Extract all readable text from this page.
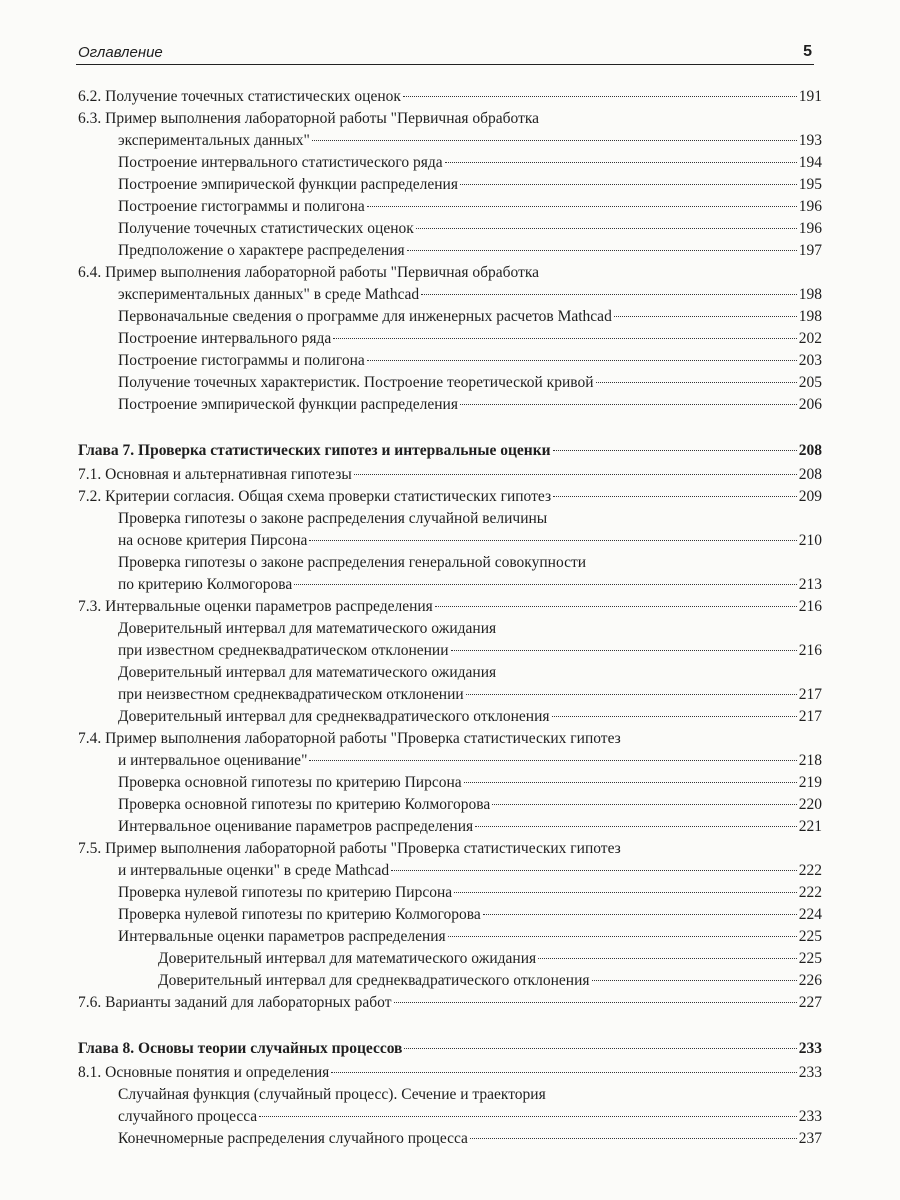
Оглавление	5
6.2. Получение точечных статистических оценок	191
6.3. Пример выполнения лабораторной работы "Первичная обработка
экспериментальных данных"	193
Построение интервального статистического ряда	194
Построение эмпирической функции распределения	195
Построение гистограммы и полигона	196
Получение точечных статистических оценок	196
Предположение о характере распределения	197
6.4. Пример выполнения лабораторной работы "Первичная обработка
экспериментальных данных" в среде Mathcad	198
Первоначальные сведения о программе для инженерных расчетов Mathcad	198
Построение интервального ряда	202
Построение гистограммы и полигона	203
Получение точечных характеристик. Построение теоретической кривой	205
Построение эмпирической функции распределения	206
Глава 7. Проверка статистических гипотез и интервальные оценки	208
7.1. Основная и альтернативная гипотезы	208
7.2. Критерии согласия. Общая схема проверки статистических гипотез	209
Проверка гипотезы о законе распределения случайной величины
на основе критерия Пирсона	210
Проверка гипотезы о законе распределения генеральной совокупности
по критерию Колмогорова	213
7.3. Интервальные оценки параметров распределения	216
Доверительный интервал для математического ожидания
при известном среднеквадратическом отклонении	216
Доверительный интервал для математического ожидания
при неизвестном среднеквадратическом отклонении	217
Доверительный интервал для среднеквадратического отклонения	217
7.4. Пример выполнения лабораторной работы "Проверка статистических гипотез
и интервальное оценивание"	218
Проверка основной гипотезы по критерию Пирсона	219
Проверка основной гипотезы по критерию Колмогорова	220
Интервальное оценивание параметров распределения	221
7.5. Пример выполнения лабораторной работы "Проверка статистических гипотез
и интервальные оценки" в среде Mathcad	222
Проверка нулевой гипотезы по критерию Пирсона	222
Проверка нулевой гипотезы по критерию Колмогорова	224
Интервальные оценки параметров распределения	225
Доверительный интервал для математического ожидания	225
Доверительный интервал для среднеквадратического отклонения	226
7.6. Варианты заданий для лабораторных работ	227
Глава 8. Основы теории случайных процессов	233
8.1. Основные понятия и определения	233
Случайная функция (случайный процесс). Сечение и траектория
случайного процесса	233
Конечномерные распределения случайного процесса	237
